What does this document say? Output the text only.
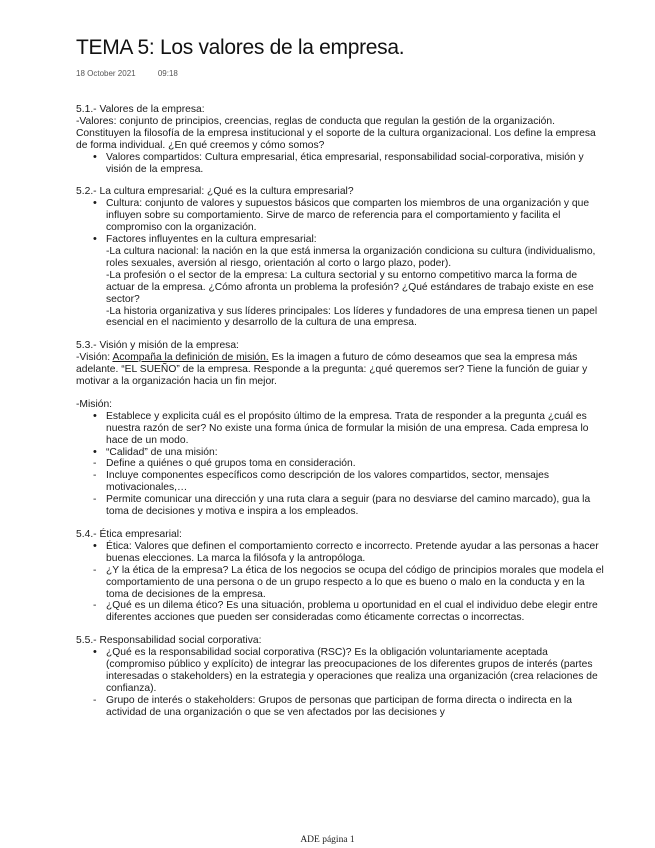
TEMA 5: Los valores de la empresa.
18 October 2021	09:18

5.1.- Valores de la empresa:

-Valores: conjunto de principios, creencias, reglas de conducta que regulan la gestión de la organización. Constituyen la filosofía de la empresa institucional y el soporte de la cultura organizacional. Los define la empresa de forma individual. ¿En qué creemos y cómo somos?

• Valores compartidos: Cultura empresarial, ética empresarial, responsabilidad social-corporativa, misión y visión de la empresa.

5.2.- La cultura empresarial: ¿Qué es la cultura empresarial?

• Cultura: conjunto de valores y supuestos básicos que comparten los miembros de una organización y que influyen sobre su comportamiento. Sirve de marco de referencia para el comportamiento y facilita el compromiso con la organización.
• Factores influyentes en la cultura empresarial:
-La cultura nacional: la nación en la que está inmersa la organización condiciona su cultura (individualismo, roles sexuales, aversión al riesgo, orientación al corto o largo plazo, poder).
-La profesión o el sector de la empresa: La cultura sectorial y su entorno competitivo marca la forma de actuar de la empresa. ¿Cómo afronta un problema la profesión? ¿Qué estándares de trabajo existe en ese sector?
-La historia organizativa y sus líderes principales: Los líderes y fundadores de una empresa tienen un papel esencial en el nacimiento y desarrollo de la cultura de una empresa.

5.3.- Visión y misión de la empresa:

-Visión: Acompaña la definición de misión. Es la imagen a futuro de cómo deseamos que sea la empresa más adelante. “EL SUEÑO” de la empresa. Responde a la pregunta: ¿qué queremos ser? Tiene la función de guiar y motivar a la organización hacia un fin mejor.

-Misión:

• Establece y explicita cuál es el propósito último de la empresa. Trata de responder a la pregunta ¿cuál es nuestra razón de ser? No existe una forma única de formular la misión de una empresa. Cada empresa lo hace de un modo.
• “Calidad” de una misión:
- Define a quiénes o qué grupos toma en consideración.
- Incluye componentes específicos como descripción de los valores compartidos, sector, mensajes motivacionales,…
- Permite comunicar una dirección y una ruta clara a seguir (para no desviarse del camino marcado), gua la toma de decisiones y motiva e inspira a los empleados.

5.4.- Ética empresarial:

• Ética: Valores que definen el comportamiento correcto e incorrecto. Pretende ayudar a las personas a hacer buenas elecciones. La marca la filósofa y la antropóloga.
- ¿Y la ética de la empresa? La ética de los negocios se ocupa del código de principios morales que modela el comportamiento de una persona o de un grupo respecto a lo que es bueno o malo en la conducta y en la toma de decisiones de la empresa.
- ¿Qué es un dilema ético? Es una situación, problema u oportunidad en el cual el individuo debe elegir entre diferentes acciones que pueden ser consideradas como éticamente correctas o incorrectas.

5.5.- Responsabilidad social corporativa:

• ¿Qué es la responsabilidad social corporativa (RSC)? Es la obligación voluntariamente aceptada (compromiso público y explícito) de integrar las preocupaciones de los diferentes grupos de interés (partes interesadas o stakeholders) en la estrategia y operaciones que realiza una organización (crea relaciones de confianza).
- Grupo de interés o stakeholders: Grupos de personas que participan de forma directa o indirecta en la actividad de una organización o que se ven afectados por las decisiones y
ADE página 1
